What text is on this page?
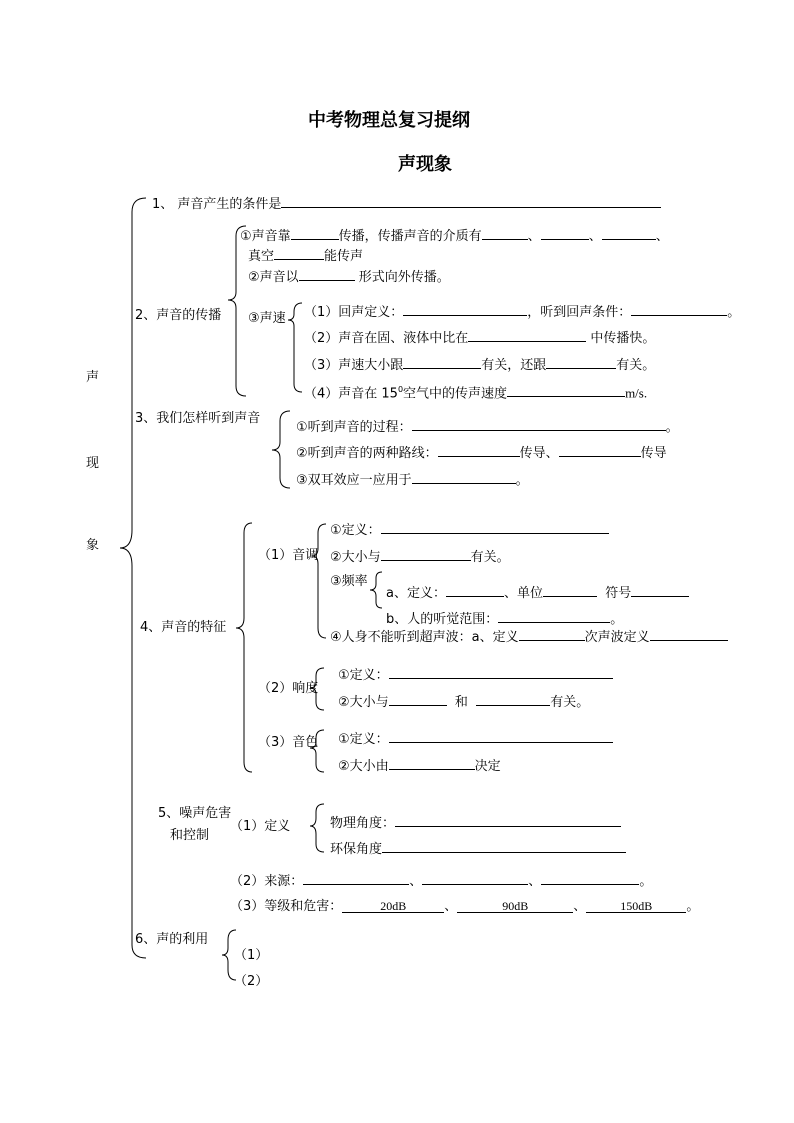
中考物理总复习提纲
声现象
声
现
象
1、 声音产生的条件是
2、声音的传播
①声音靠	传播，传播声音的介质有	、	、	、
真空	能传声
②声音以	形式向外传播。
③声速 （1）回声定义：	，听到回声条件：	。
（2）声音在固、液体中比在	中传播快。
（3）声速大小跟	有关，还跟	有关。
（4）声音在 $15^0$空气中的传声速度	m/s.
3、我们怎样听到声音
①听到声音的过程：	。
②听到声音的两种路线：	传导、	传导
③双耳效应一应用于	。
4、声音的特征
（1）音调
①定义：
②大小与	有关。
③频率
a、定义：	、单位	符号
b、人的听觉范围：	。
④人身不能听到超声波：a、定义	次声波定义
（2）响度
①定义：
②大小与	和	有关。
（3）音色 ①定义：
②大小由	决定
5、噪声危害
和控制
（1）定义	物理角度：
环保角度
（2）来源：	、	、	。
（3）等级和危害：	20dB	、	90dB	、	150dB	。
6、声的利用
（1）
（2）
